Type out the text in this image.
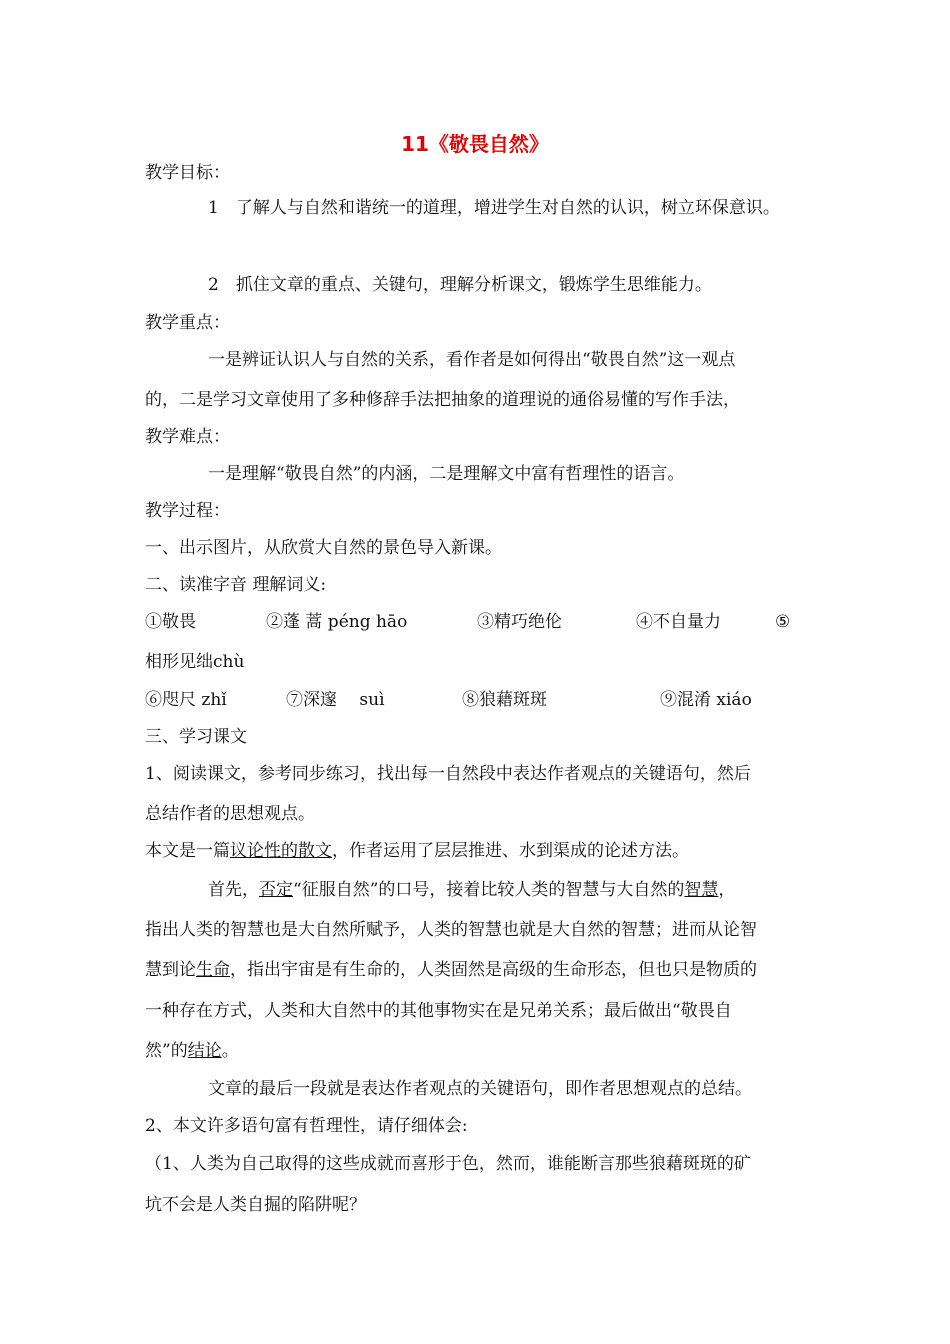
11《敬畏自然》
教学目标：
1　了解人与自然和谐统一的道理，增进学生对自然的认识，树立环保意识。
2　抓住文章的重点、关键句，理解分析课文，锻炼学生思维能力。
教学重点：
一是辨证认识人与自然的关系，看作者是如何得出“敬畏自然”这一观点
的，二是学习文章使用了多种修辞手法把抽象的道理说的通俗易懂的写作手法，
教学难点：
一是理解“敬畏自然”的内涵，二是理解文中富有哲理性的语言。
教学过程：
一、出示图片，从欣赏大自然的景色导入新课。
二、读准字音 理解词义:
①敬畏	②蓬 蒿 péng hāo	③精巧绝伦	④不自量力	⑤
相形见绌chù
⑥咫尺 zhǐ	⑦深邃　 suì	⑧狼藉斑斑	⑨混淆 xiáo
三、学习课文
1、阅读课文，参考同步练习，找出每一自然段中表达作者观点的关键语句，然后
总结作者的思想观点。
本文是一篇议论性的散文，作者运用了层层推进、水到渠成的论述方法。
首先，否定“征服自然”的口号，接着比较人类的智慧与大自然的智慧，
指出人类的智慧也是大自然所赋予，人类的智慧也就是大自然的智慧；进而从论智
慧到论生命，指出宇宙是有生命的，人类固然是高级的生命形态，但也只是物质的
一种存在方式，人类和大自然中的其他事物实在是兄弟关系；最后做出“敬畏自
然”的结论。
文章的最后一段就是表达作者观点的关键语句，即作者思想观点的总结。
2、本文许多语句富有哲理性，请仔细体会:
（1、人类为自己取得的这些成就而喜形于色，然而，谁能断言那些狼藉斑斑的矿
坑不会是人类自掘的陷阱呢？
